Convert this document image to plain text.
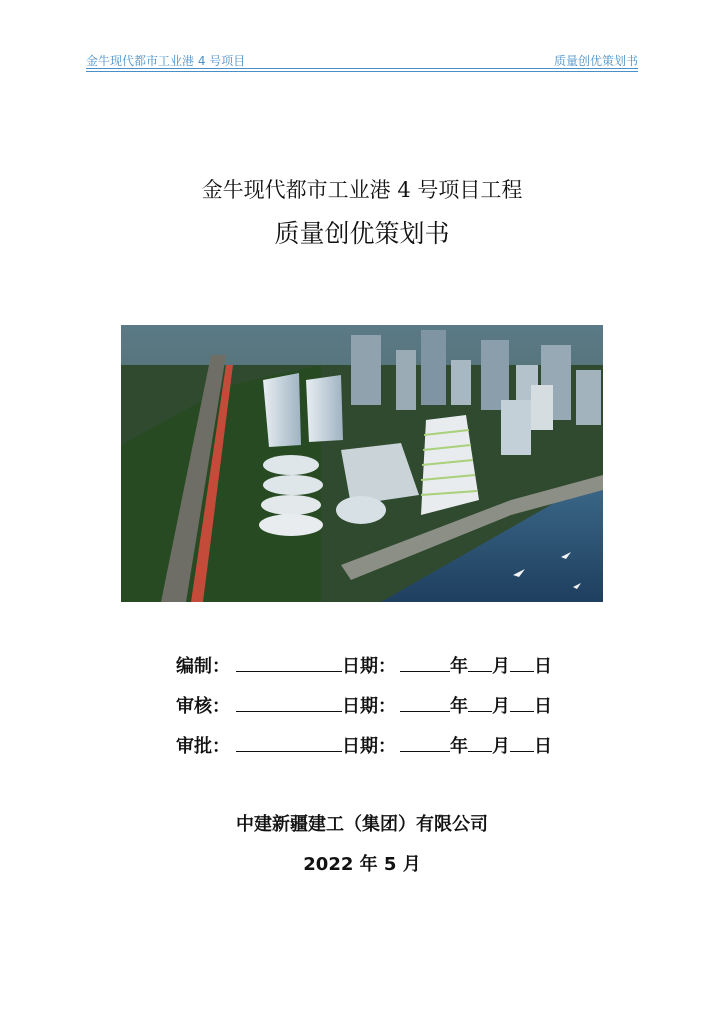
金牛现代都市工业港 4 号项目	质量创优策划书
金牛现代都市工业港 4 号项目工程
质量创优策划书
编制：	日期：	年 月 日
审核：	日期：	年 月 日
审批：	日期：	年 月 日
中建新疆建工（集团）有限公司
2022 年 5 月
